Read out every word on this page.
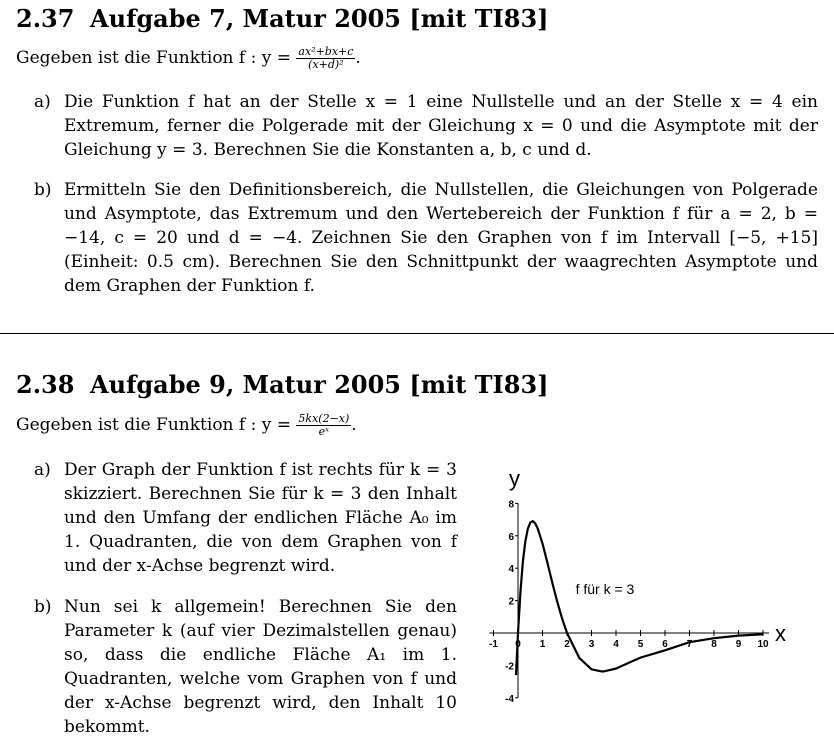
2.37 Aufgabe 7, Matur 2005 [mit TI83]
Gegeben ist die Funktion f : $y = \frac{\text{ax²+bx+c}}{\text{(x+d)²}}$ .
a) Die Funktion f hat an der Stelle x = 1 eine Nullstelle und an der Stelle x = 4 ein Extremum, ferner die Polgerade mit der Gleichung x = 0 und die Asymptote mit der Gleichung y = 3. Berechnen Sie die Konstanten a, b, c und d.
b) Ermitteln Sie den Definitionsbereich, die Nullstellen, die Gleichungen von Polgerade und Asymptote, das Extremum und den Wertebereich der Funktion f für a = 2, b = −14, c = 20 und d = −4. Zeichnen Sie den Graphen von f im Intervall [−5, +15] (Einheit: 0.5 cm). Berechnen Sie den Schnittpunkt der waagrechten Asymptote und dem Graphen der Funktion f.
2.38 Aufgabe 9, Matur 2005 [mit TI83]
Gegeben ist die Funktion f : $y = \frac{5kx(2-x)}{\text{eˣ}}$ .
a) Der Graph der Funktion f ist rechts für k = 3 skizziert. Berechnen Sie für k = 3 den Inhalt und den Umfang der endlichen Fläche A₀ im 1. Quadranten, die von dem Graphen von f und der x-Achse begrenzt wird.
b) Nun sei k allgemein! Berechnen Sie den Parameter k (auf vier Dezimalstellen genau) so, dass die endliche Fläche A₁ im 1. Quadranten, welche vom Graphen von f und der x-Achse begrenzt wird, den Inhalt 10 bekommt.
-1 0 1 2 3 4 5 6 7 8 9 10
-4
-2
2
4
6
8
x
y
f für k = 3
